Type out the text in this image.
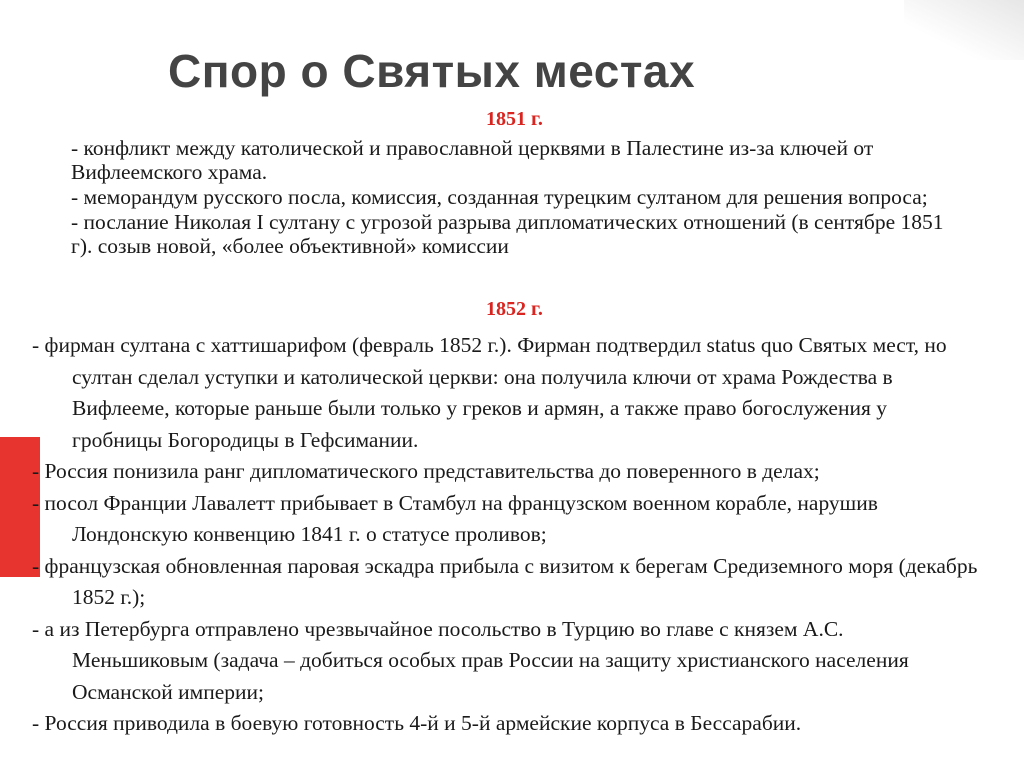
Спор о Святых местах
1851 г.

- конфликт между католической и православной церквями в Палестине из-за ключей от Вифлеемского храма.

- меморандум русского посла, комиссия, созданная турецким султаном для решения вопроса;

- послание Николая I султану с угрозой разрыва дипломатических отношений (в сентябре 1851 г). созыв новой, «более объективной» комиссии

1852 г.

- фирман султана с хаттишарифом (февраль 1852 г.). Фирман подтвердил status quo Святых мест, но султан сделал уступки и католической церкви: она получила ключи от храма Рождества в Вифлееме, которые раньше были только у греков и армян, а также право богослужения у гробницы Богородицы в Гефсимании.

- Россия понизила ранг дипломатического представительства до поверенного в делах;

- посол Франции Лавалетт прибывает в Стамбул на французском военном корабле, нарушив Лондонскую конвенцию 1841 г. о статусе проливов;

- французская обновленная паровая эскадра прибыла с визитом к берегам Средиземного моря (декабрь 1852 г.);

- а из Петербурга отправлено чрезвычайное посольство в Турцию во главе с князем А.С. Меньшиковым (задача – добиться особых прав России на защиту христианского населения Османской империи;

- Россия приводила в боевую готовность 4-й и 5-й армейские корпуса в Бессарабии.
